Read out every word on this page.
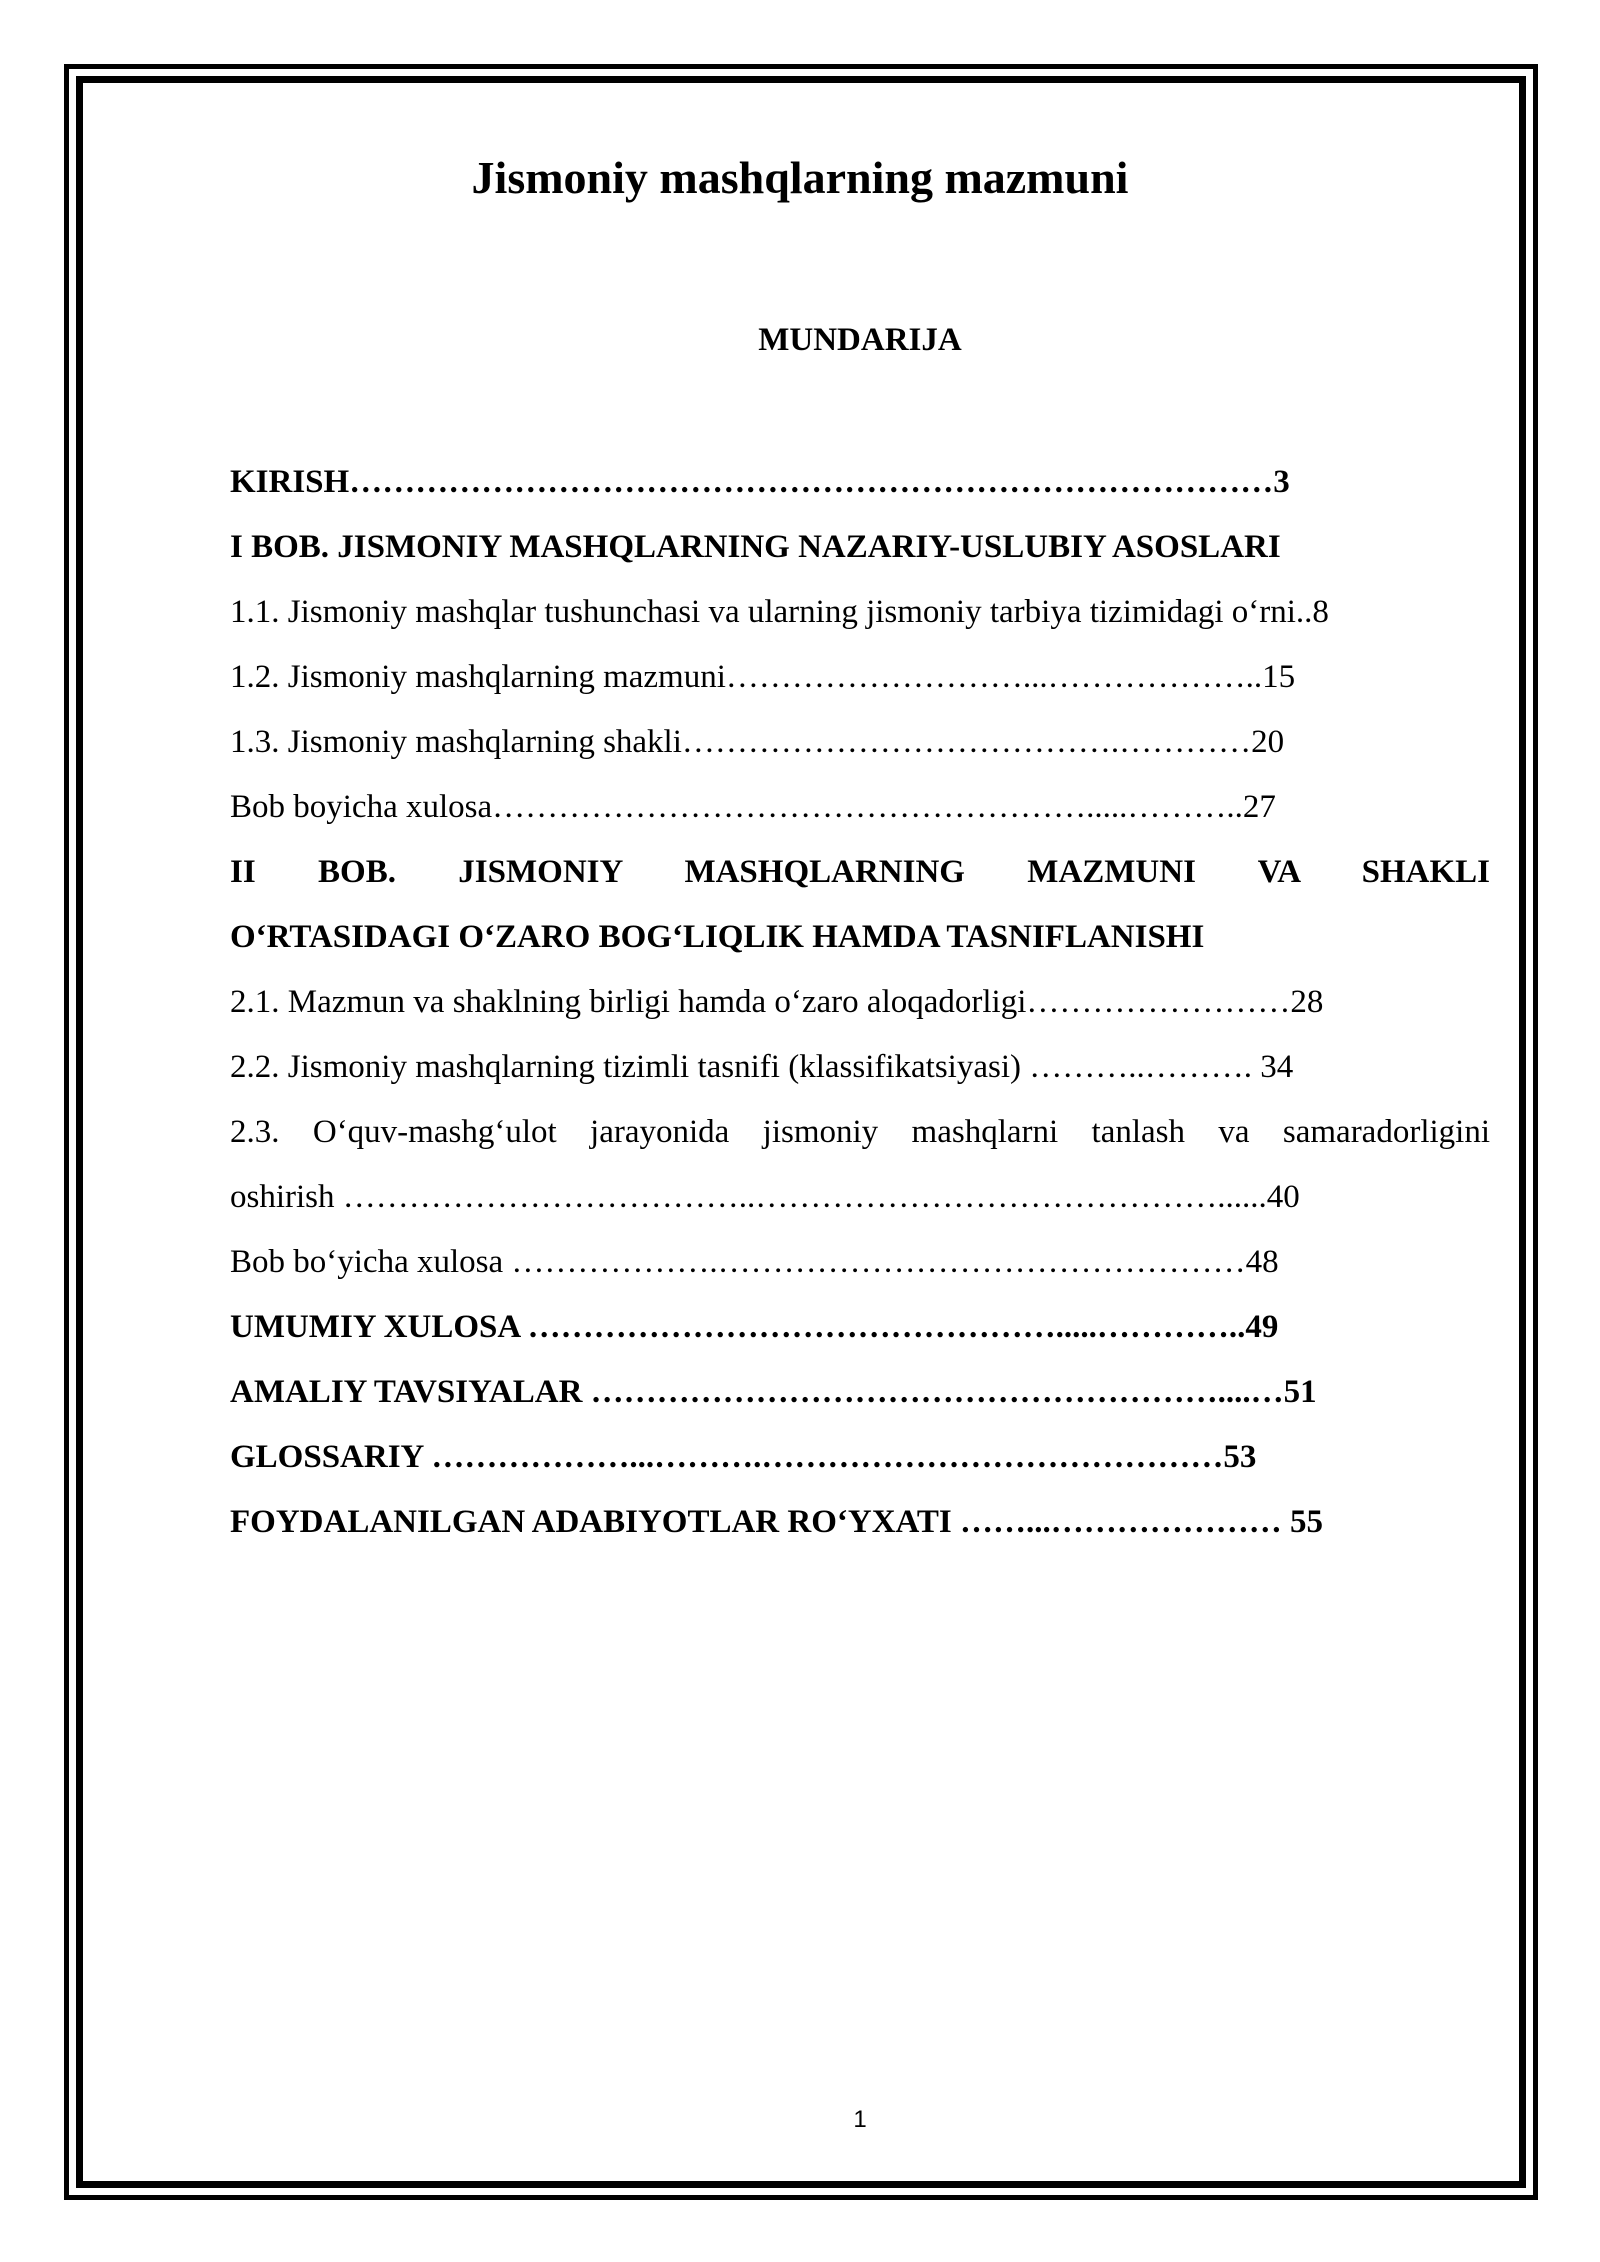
Jismoniy mashqlarning mazmuni
MUNDARIJA
KIRISH…………………………………………………………………………3
I BOB. JISMONIY MASHQLARNING NAZARIY-USLUBIY ASOSLARI
1.1. Jismoniy mashqlar tushunchasi va ularning jismoniy tarbiya tizimidagi o‘rni..8
1.2. Jismoniy mashqlarning mazmuni………………………...………………..15
1.3. Jismoniy mashqlarning shakli………………………………….…………20
Bob boyicha xulosa……………………………………………….....………..27
II BOB. JISMONIY MASHQLARNING MAZMUNI VA SHAKLI
O‘RTASIDAGI O‘ZARO BOG‘LIQLIK HAMDA TASNIFLANISHI
2.1. Mazmun va shaklning birligi hamda o‘zaro aloqadorligi……………………28
2.2. Jismoniy mashqlarning tizimli tasnifi (klassifikatsiyasi) ………..………. 34
2.3. O‘quv-mashg‘ulot jarayonida jismoniy mashqlarni tanlash va samaradorligini
oshirish ………………………………..……………………………………......40
Bob bo‘yicha xulosa ……………….…………………………………………48
UMUMIY XULOSA ………………………………………….....…………..49
AMALIY TAVSIYALAR …………………………………………………....…51
GLOSSARIY ………………...……….……………………………………53
FOYDALANILGAN ADABIYOTLAR RO‘YXATI ……...………………… 55
1
